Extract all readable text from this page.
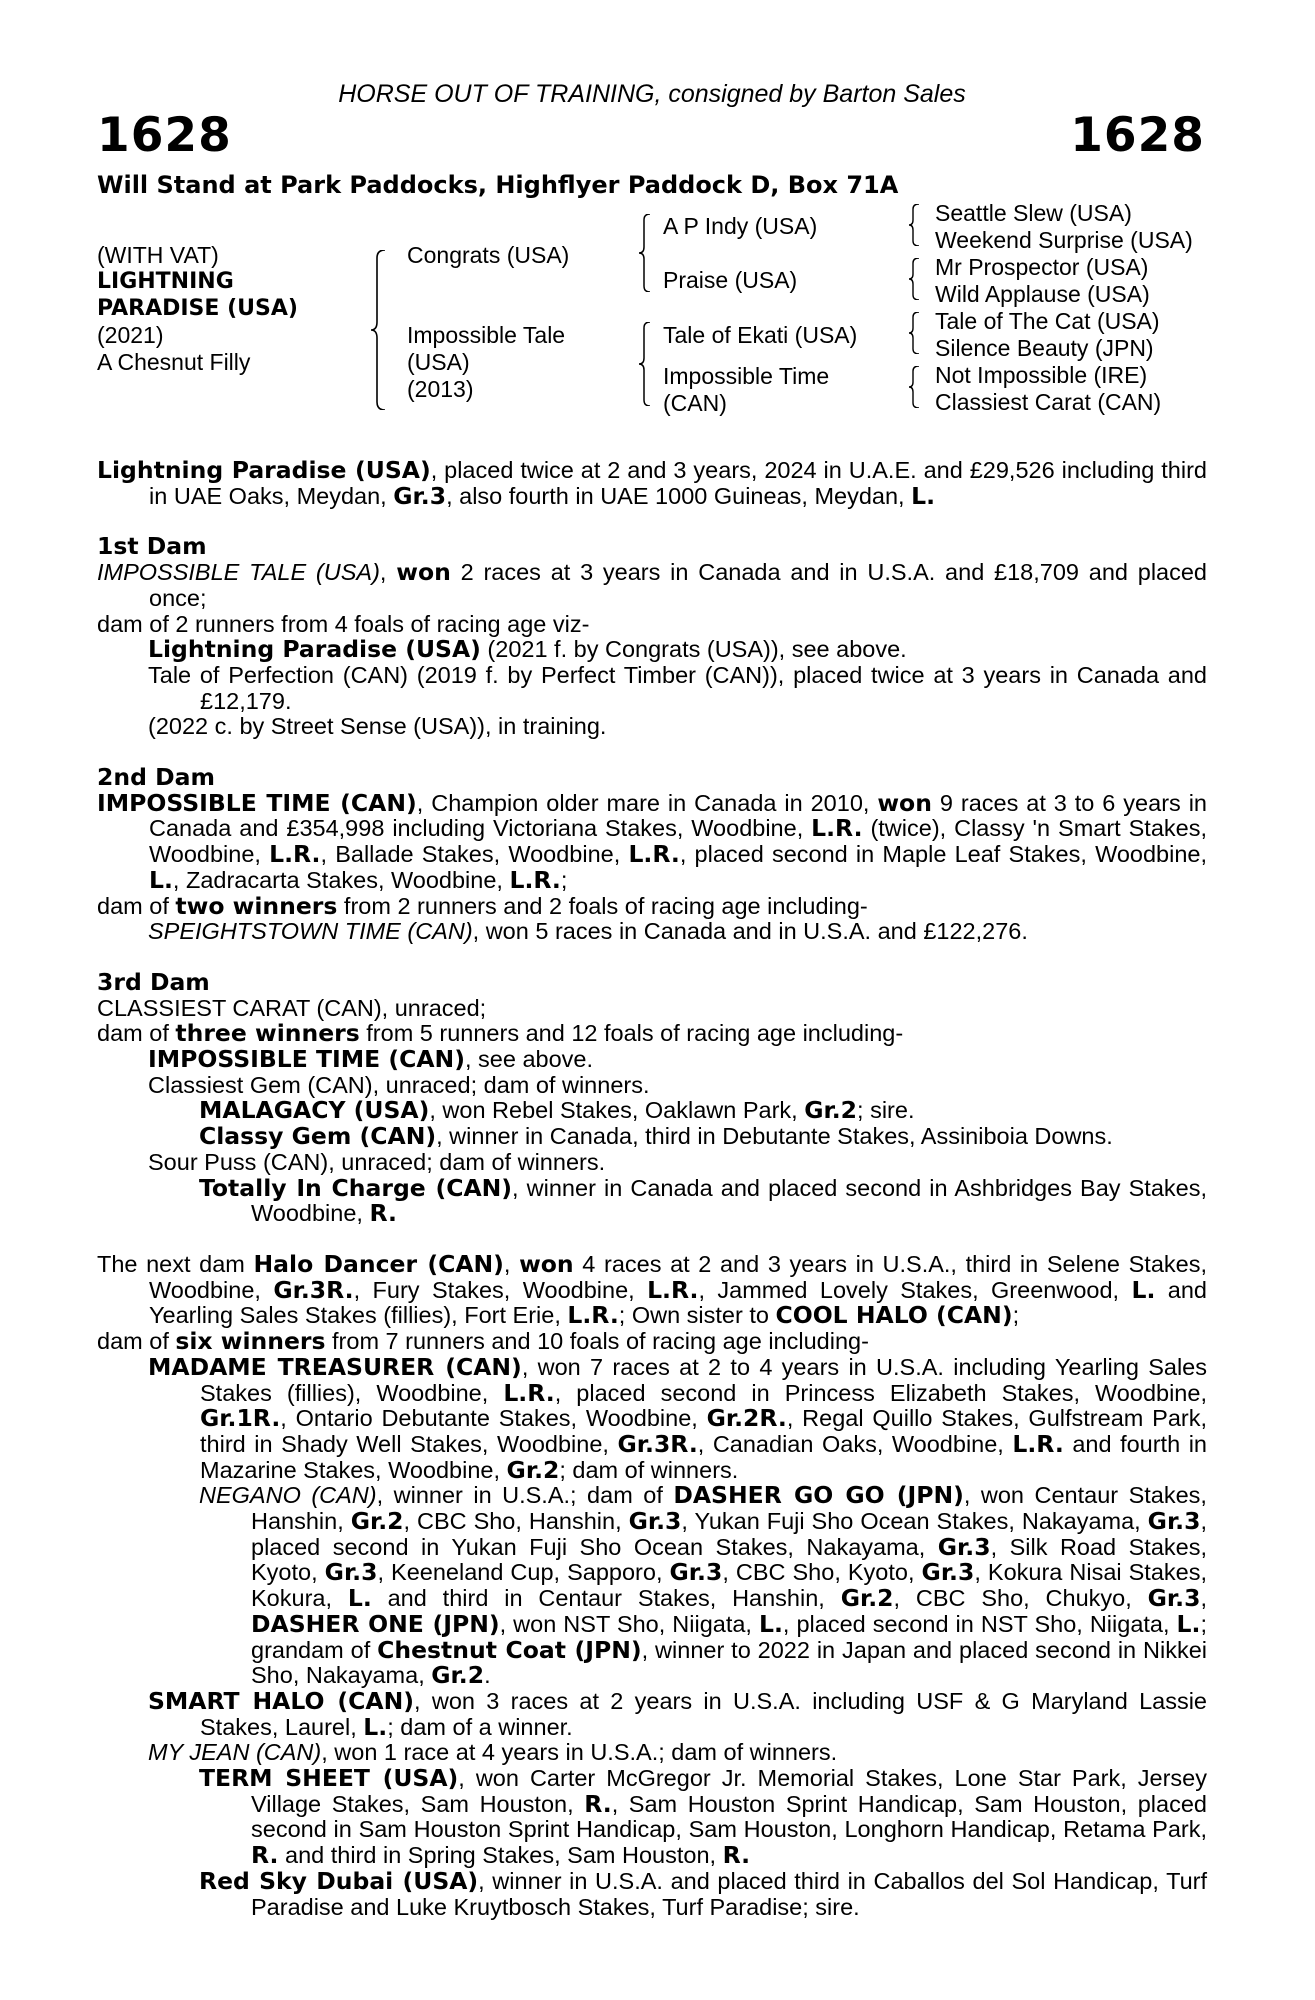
HORSE OUT OF TRAINING, consigned by Barton Sales
1628	1628
Will Stand at Park Paddocks, Highflyer Paddock D, Box 71A
(WITH VAT)
LIGHTNING
PARADISE (USA)
(2021)
A Chesnut Filly
Congrats (USA)
Impossible Tale
(USA)
(2013)
A P Indy (USA)
Praise (USA)
Tale of Ekati (USA)
Impossible Time
(CAN)
Seattle Slew (USA)
Weekend Surprise (USA)
Mr Prospector (USA)
Wild Applause (USA)
Tale of The Cat (USA)
Silence Beauty (JPN)
Not Impossible (IRE)
Classiest Carat (CAN)

Lightning Paradise (USA), placed twice at 2 and 3 years, 2024 in U.A.E. and £29,526 including third in UAE Oaks, Meydan, Gr.3, also fourth in UAE 1000 Guineas, Meydan, L.

1st Dam

IMPOSSIBLE TALE (USA), won 2 races at 3 years in Canada and in U.S.A. and £18,709 and placed once;

dam of 2 runners from 4 foals of racing age viz-

Lightning Paradise (USA) (2021 f. by Congrats (USA)), see above.

Tale of Perfection (CAN) (2019 f. by Perfect Timber (CAN)), placed twice at 3 years in Canada and £12,179.

(2022 c. by Street Sense (USA)), in training.

2nd Dam

IMPOSSIBLE TIME (CAN), Champion older mare in Canada in 2010, won 9 races at 3 to 6 years in Canada and £354,998 including Victoriana Stakes, Woodbine, L.R. (twice), Classy 'n Smart Stakes, Woodbine, L.R., Ballade Stakes, Woodbine, L.R., placed second in Maple Leaf Stakes, Woodbine, L., Zadracarta Stakes, Woodbine, L.R.;

dam of two winners from 2 runners and 2 foals of racing age including-

SPEIGHTSTOWN TIME (CAN), won 5 races in Canada and in U.S.A. and £122,276.

3rd Dam

CLASSIEST CARAT (CAN), unraced;

dam of three winners from 5 runners and 12 foals of racing age including-

IMPOSSIBLE TIME (CAN), see above.

Classiest Gem (CAN), unraced; dam of winners.

MALAGACY (USA), won Rebel Stakes, Oaklawn Park, Gr.2; sire.

Classy Gem (CAN), winner in Canada, third in Debutante Stakes, Assiniboia Downs.

Sour Puss (CAN), unraced; dam of winners.

Totally In Charge (CAN), winner in Canada and placed second in Ashbridges Bay Stakes, Woodbine, R.

The next dam Halo Dancer (CAN), won 4 races at 2 and 3 years in U.S.A., third in Selene Stakes, Woodbine, Gr.3R., Fury Stakes, Woodbine, L.R., Jammed Lovely Stakes, Greenwood, L. and Yearling Sales Stakes (fillies), Fort Erie, L.R.; Own sister to COOL HALO (CAN);

dam of six winners from 7 runners and 10 foals of racing age including-

MADAME TREASURER (CAN), won 7 races at 2 to 4 years in U.S.A. including Yearling Sales Stakes (fillies), Woodbine, L.R., placed second in Princess Elizabeth Stakes, Woodbine, Gr.1R., Ontario Debutante Stakes, Woodbine, Gr.2R., Regal Quillo Stakes, Gulfstream Park, third in Shady Well Stakes, Woodbine, Gr.3R., Canadian Oaks, Woodbine, L.R. and fourth in Mazarine Stakes, Woodbine, Gr.2; dam of winners.

NEGANO (CAN), winner in U.S.A.; dam of DASHER GO GO (JPN), won Centaur Stakes, Hanshin, Gr.2, CBC Sho, Hanshin, Gr.3, Yukan Fuji Sho Ocean Stakes, Nakayama, Gr.3, placed second in Yukan Fuji Sho Ocean Stakes, Nakayama, Gr.3, Silk Road Stakes, Kyoto, Gr.3, Keeneland Cup, Sapporo, Gr.3, CBC Sho, Kyoto, Gr.3, Kokura Nisai Stakes, Kokura, L. and third in Centaur Stakes, Hanshin, Gr.2, CBC Sho, Chukyo, Gr.3, DASHER ONE (JPN), won NST Sho, Niigata, L., placed second in NST Sho, Niigata, L.; grandam of Chestnut Coat (JPN), winner to 2022 in Japan and placed second in Nikkei Sho, Nakayama, Gr.2.

SMART HALO (CAN), won 3 races at 2 years in U.S.A. including USF & G Maryland Lassie Stakes, Laurel, L.; dam of a winner.

MY JEAN (CAN), won 1 race at 4 years in U.S.A.; dam of winners.

TERM SHEET (USA), won Carter McGregor Jr. Memorial Stakes, Lone Star Park, Jersey Village Stakes, Sam Houston, R., Sam Houston Sprint Handicap, Sam Houston, placed second in Sam Houston Sprint Handicap, Sam Houston, Longhorn Handicap, Retama Park, R. and third in Spring Stakes, Sam Houston, R.

Red Sky Dubai (USA), winner in U.S.A. and placed third in Caballos del Sol Handicap, Turf Paradise and Luke Kruytbosch Stakes, Turf Paradise; sire.
